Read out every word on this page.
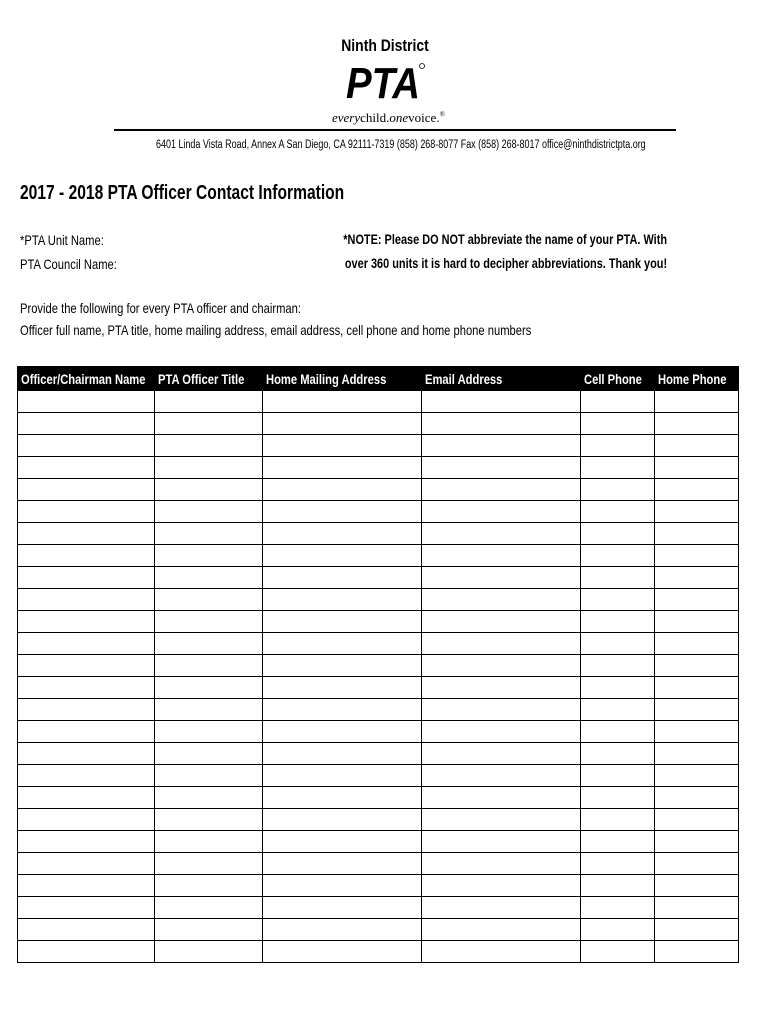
Ninth District
PTA
everychild.onevoice.®
6401 Linda Vista Road, Annex A San Diego, CA 92111-7319 (858) 268-8077 Fax (858) 268-8017 office@ninthdistrictpta.org
2017 - 2018 PTA Officer Contact Information
*PTA Unit Name:
PTA Council Name:
*NOTE: Please DO NOT abbreviate the name of your PTA. With
over 360 units it is hard to decipher abbreviations. Thank you!
Provide the following for every PTA officer and chairman:
Officer full name, PTA title, home mailing address, email address, cell phone and home phone numbers
Officer/Chairman Name	PTA Officer Title	Home Mailing Address	Email Address	Cell Phone	Home Phone
